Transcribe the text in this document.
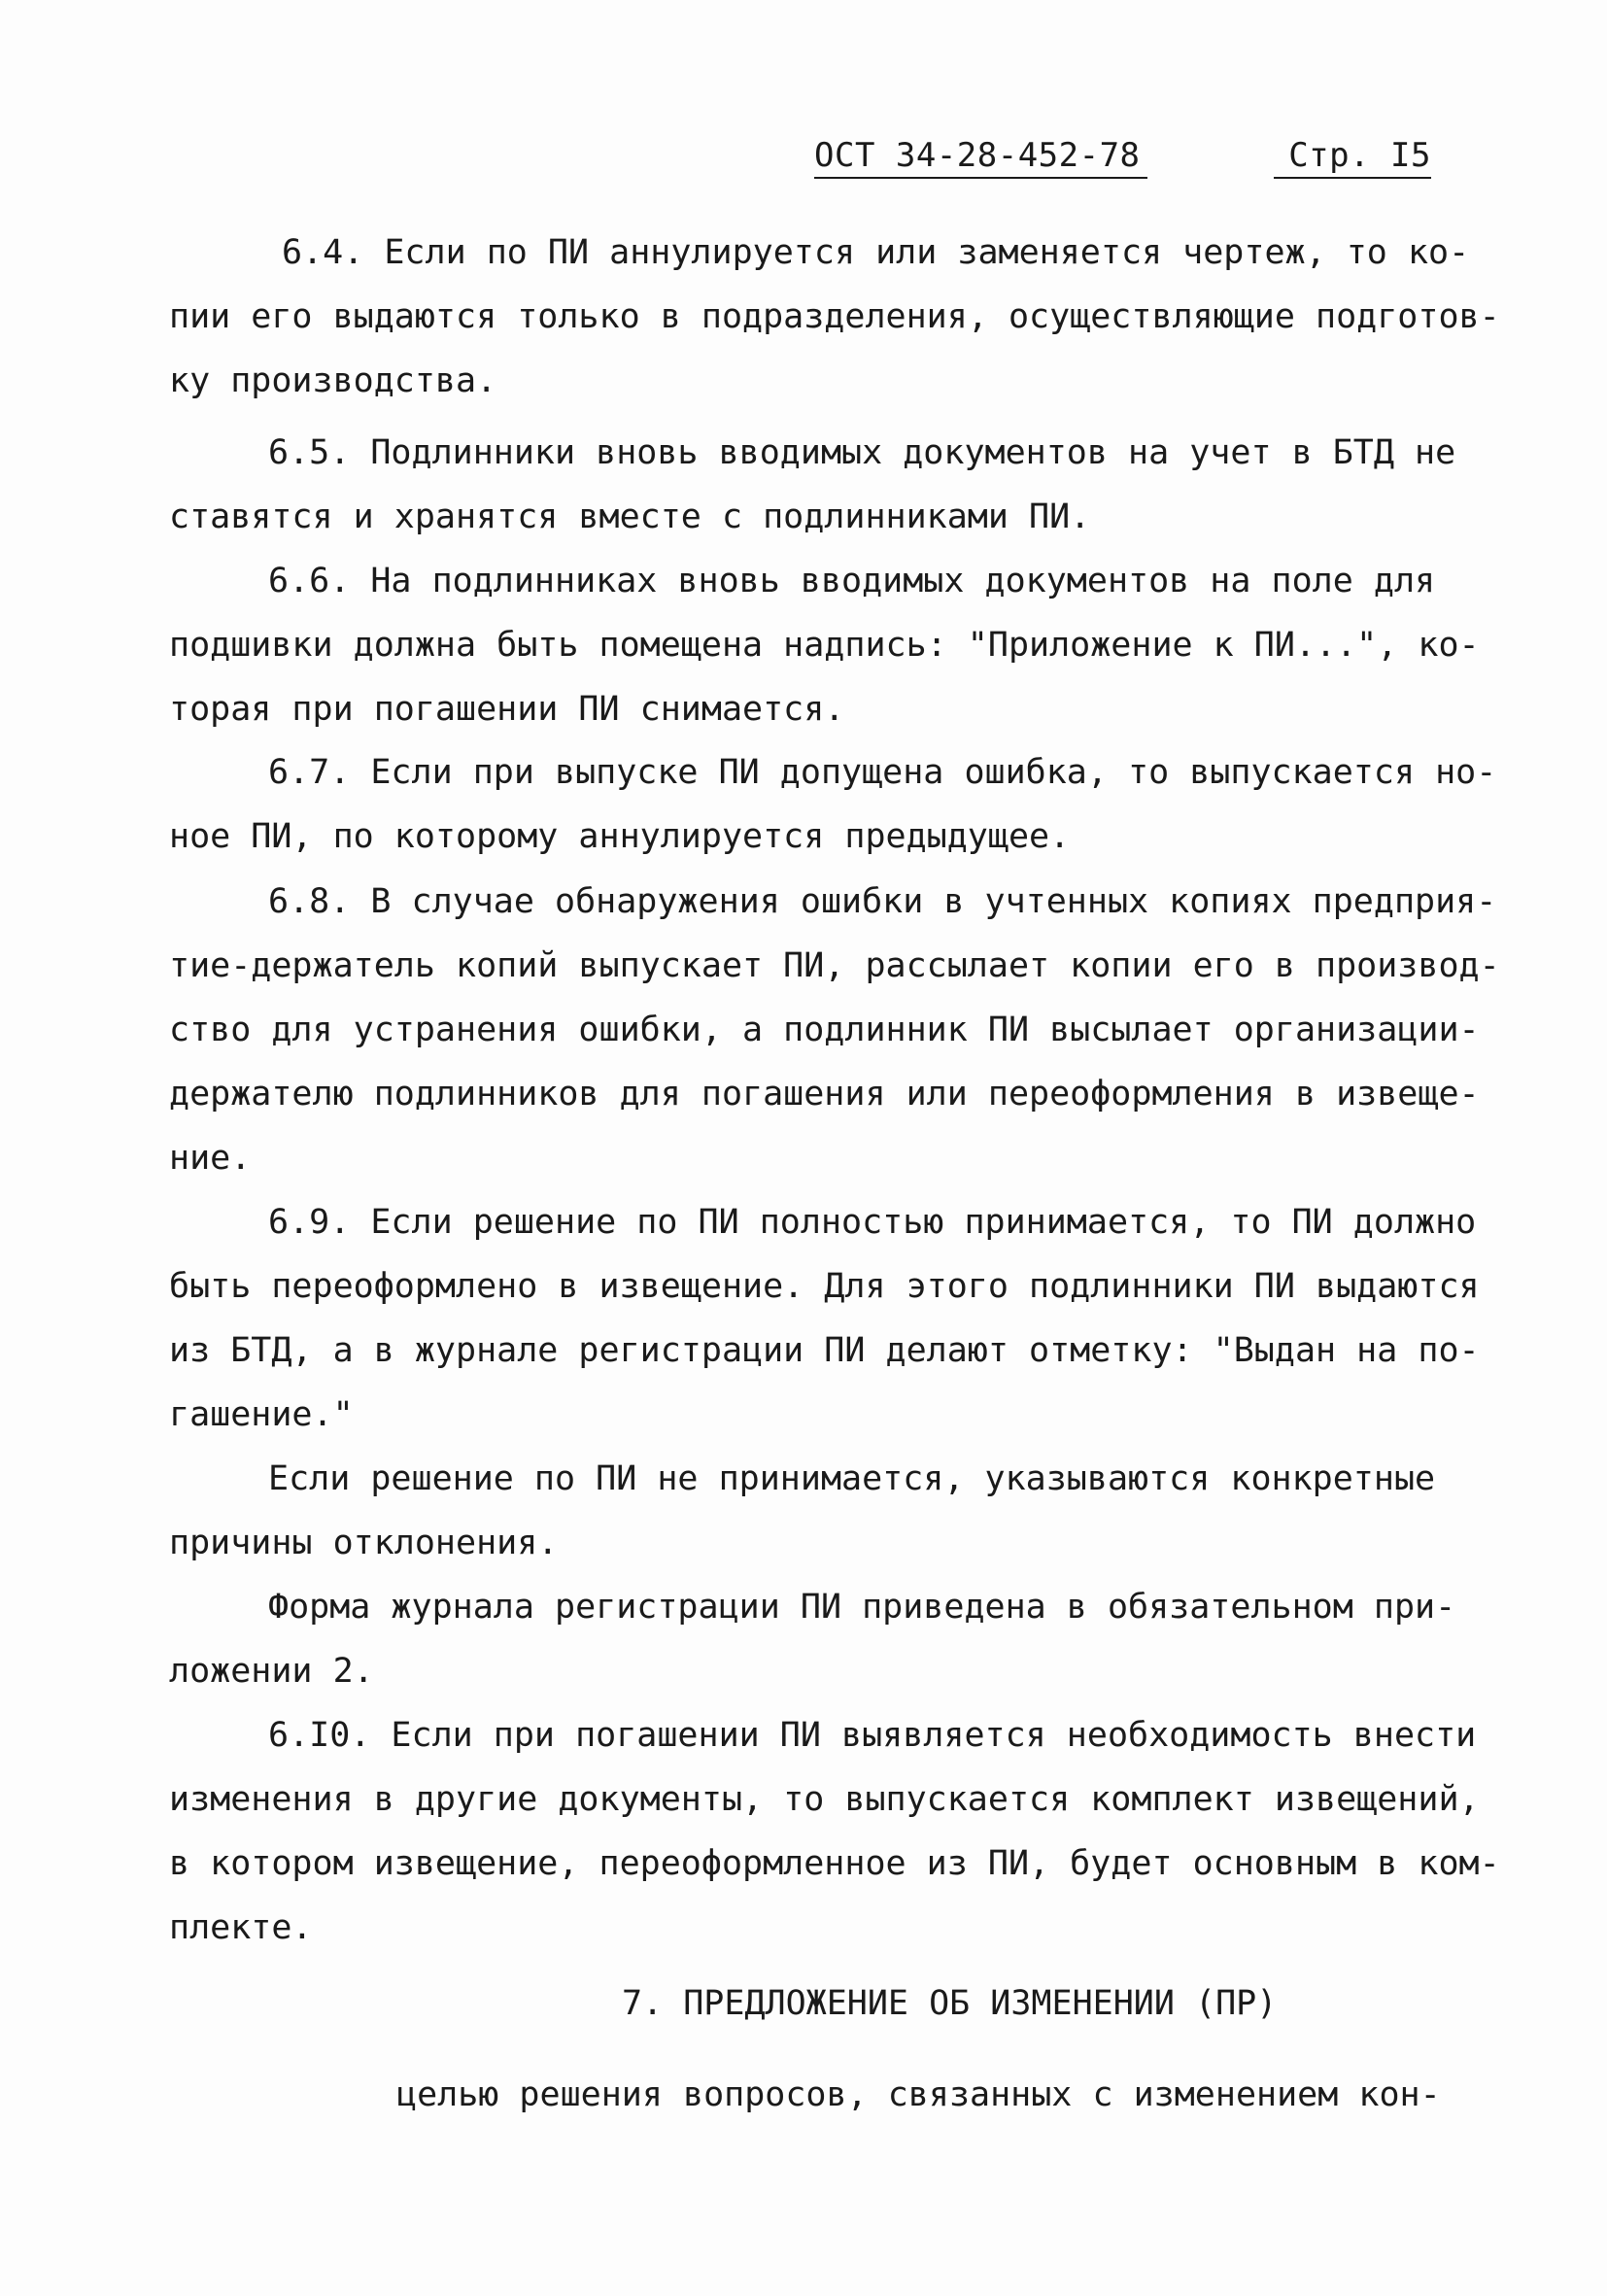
ОСТ 34-28-452-78	Стр. I5
6.4. Если по ПИ аннулируется или заменяется чертеж, то ко-
пии его выдаются только в подразделения, осуществляющие подготов-
ку производства.
6.5. Подлинники вновь вводимых документов на учет в БТД не
ставятся и хранятся вместе с подлинниками ПИ.
6.6. На подлинниках вновь вводимых документов на поле для
подшивки должна быть помещена надпись: "Приложение к ПИ...", ко-
торая при погашении ПИ снимается.
6.7. Если при выпуске ПИ допущена ошибка, то выпускается но-
ное ПИ, по которому аннулируется предыдущее.
6.8. В случае обнаружения ошибки в учтенных копиях предприя-
тие-держатель копий выпускает ПИ, рассылает копии его в производ-
ство для устранения ошибки, а подлинник ПИ высылает организации-
держателю подлинников для погашения или переоформления в извеще-
ние.
6.9. Если решение по ПИ полностью принимается, то ПИ должно
быть переоформлено в извещение. Для этого подлинники ПИ выдаются
из БТД, а в журнале регистрации ПИ делают отметку: "Выдан на по-
гашение."
Если решение по ПИ не принимается, указываются конкретные
причины отклонения.
Форма журнала регистрации ПИ приведена в обязательном при-
ложении 2.
6.I0. Если при погашении ПИ выявляется необходимость внести
изменения в другие документы, то выпускается комплект извещений,
в котором извещение, переоформленное из ПИ, будет основным в ком-
плекте.
7. ПРЕДЛОЖЕНИЕ ОБ ИЗМЕНЕНИИ (ПР)
целью решения вопросов, связанных с изменением кон-
